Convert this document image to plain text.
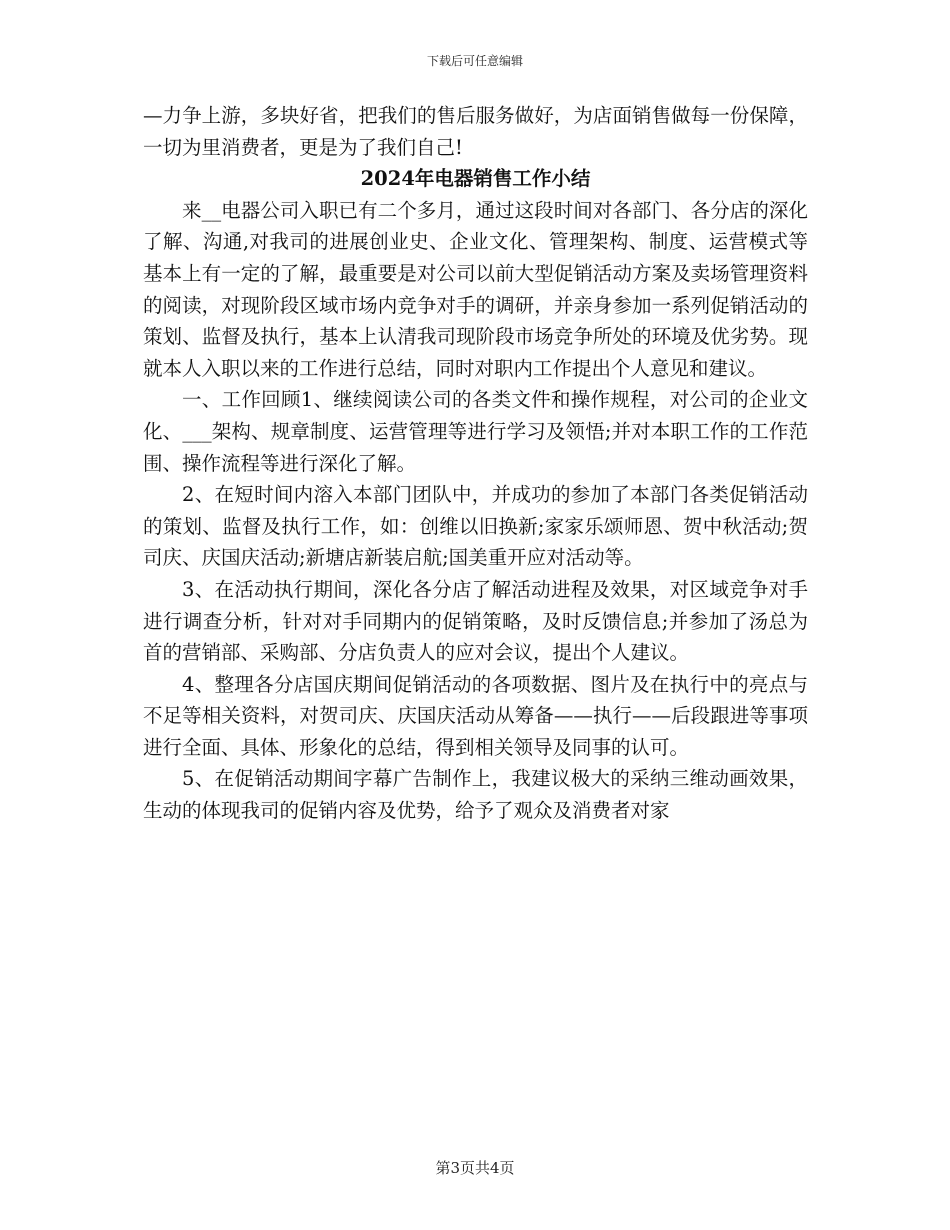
下载后可任意编辑

—力争上游，多块好省，把我们的售后服务做好，为店面销售做每一份保障，一切为里消费者，更是为了我们自己!

2024年电器销售工作小结

来__电器公司入职已有二个多月，通过这段时间对各部门、各分店的深化了解、沟通,对我司的进展创业史、企业文化、管理架构、制度、运营模式等基本上有一定的了解，最重要是对公司以前大型促销活动方案及卖场管理资料的阅读，对现阶段区域市场内竞争对手的调研，并亲身参加一系列促销活动的策划、监督及执行，基本上认清我司现阶段市场竞争所处的环境及优劣势。现就本人入职以来的工作进行总结，同时对职内工作提出个人意见和建议。

一、工作回顾1、继续阅读公司的各类文件和操作规程，对公司的企业文化、___架构、规章制度、运营管理等进行学习及领悟;并对本职工作的工作范围、操作流程等进行深化了解。

2、在短时间内溶入本部门团队中，并成功的参加了本部门各类促销活动的策划、监督及执行工作，如：创维以旧换新;家家乐颂师恩、贺中秋活动;贺司庆、庆国庆活动;新塘店新装启航;国美重开应对活动等。

3、在活动执行期间，深化各分店了解活动进程及效果，对区域竞争对手进行调查分析，针对对手同期内的促销策略，及时反馈信息;并参加了汤总为首的营销部、采购部、分店负责人的应对会议，提出个人建议。

4、整理各分店国庆期间促销活动的各项数据、图片及在执行中的亮点与不足等相关资料，对贺司庆、庆国庆活动从筹备——执行——后段跟进等事项进行全面、具体、形象化的总结，得到相关领导及同事的认可。

5、在促销活动期间字幕广告制作上，我建议极大的采纳三维动画效果，生动的体现我司的促销内容及优势，给予了观众及消费者对家

第3页共4页
